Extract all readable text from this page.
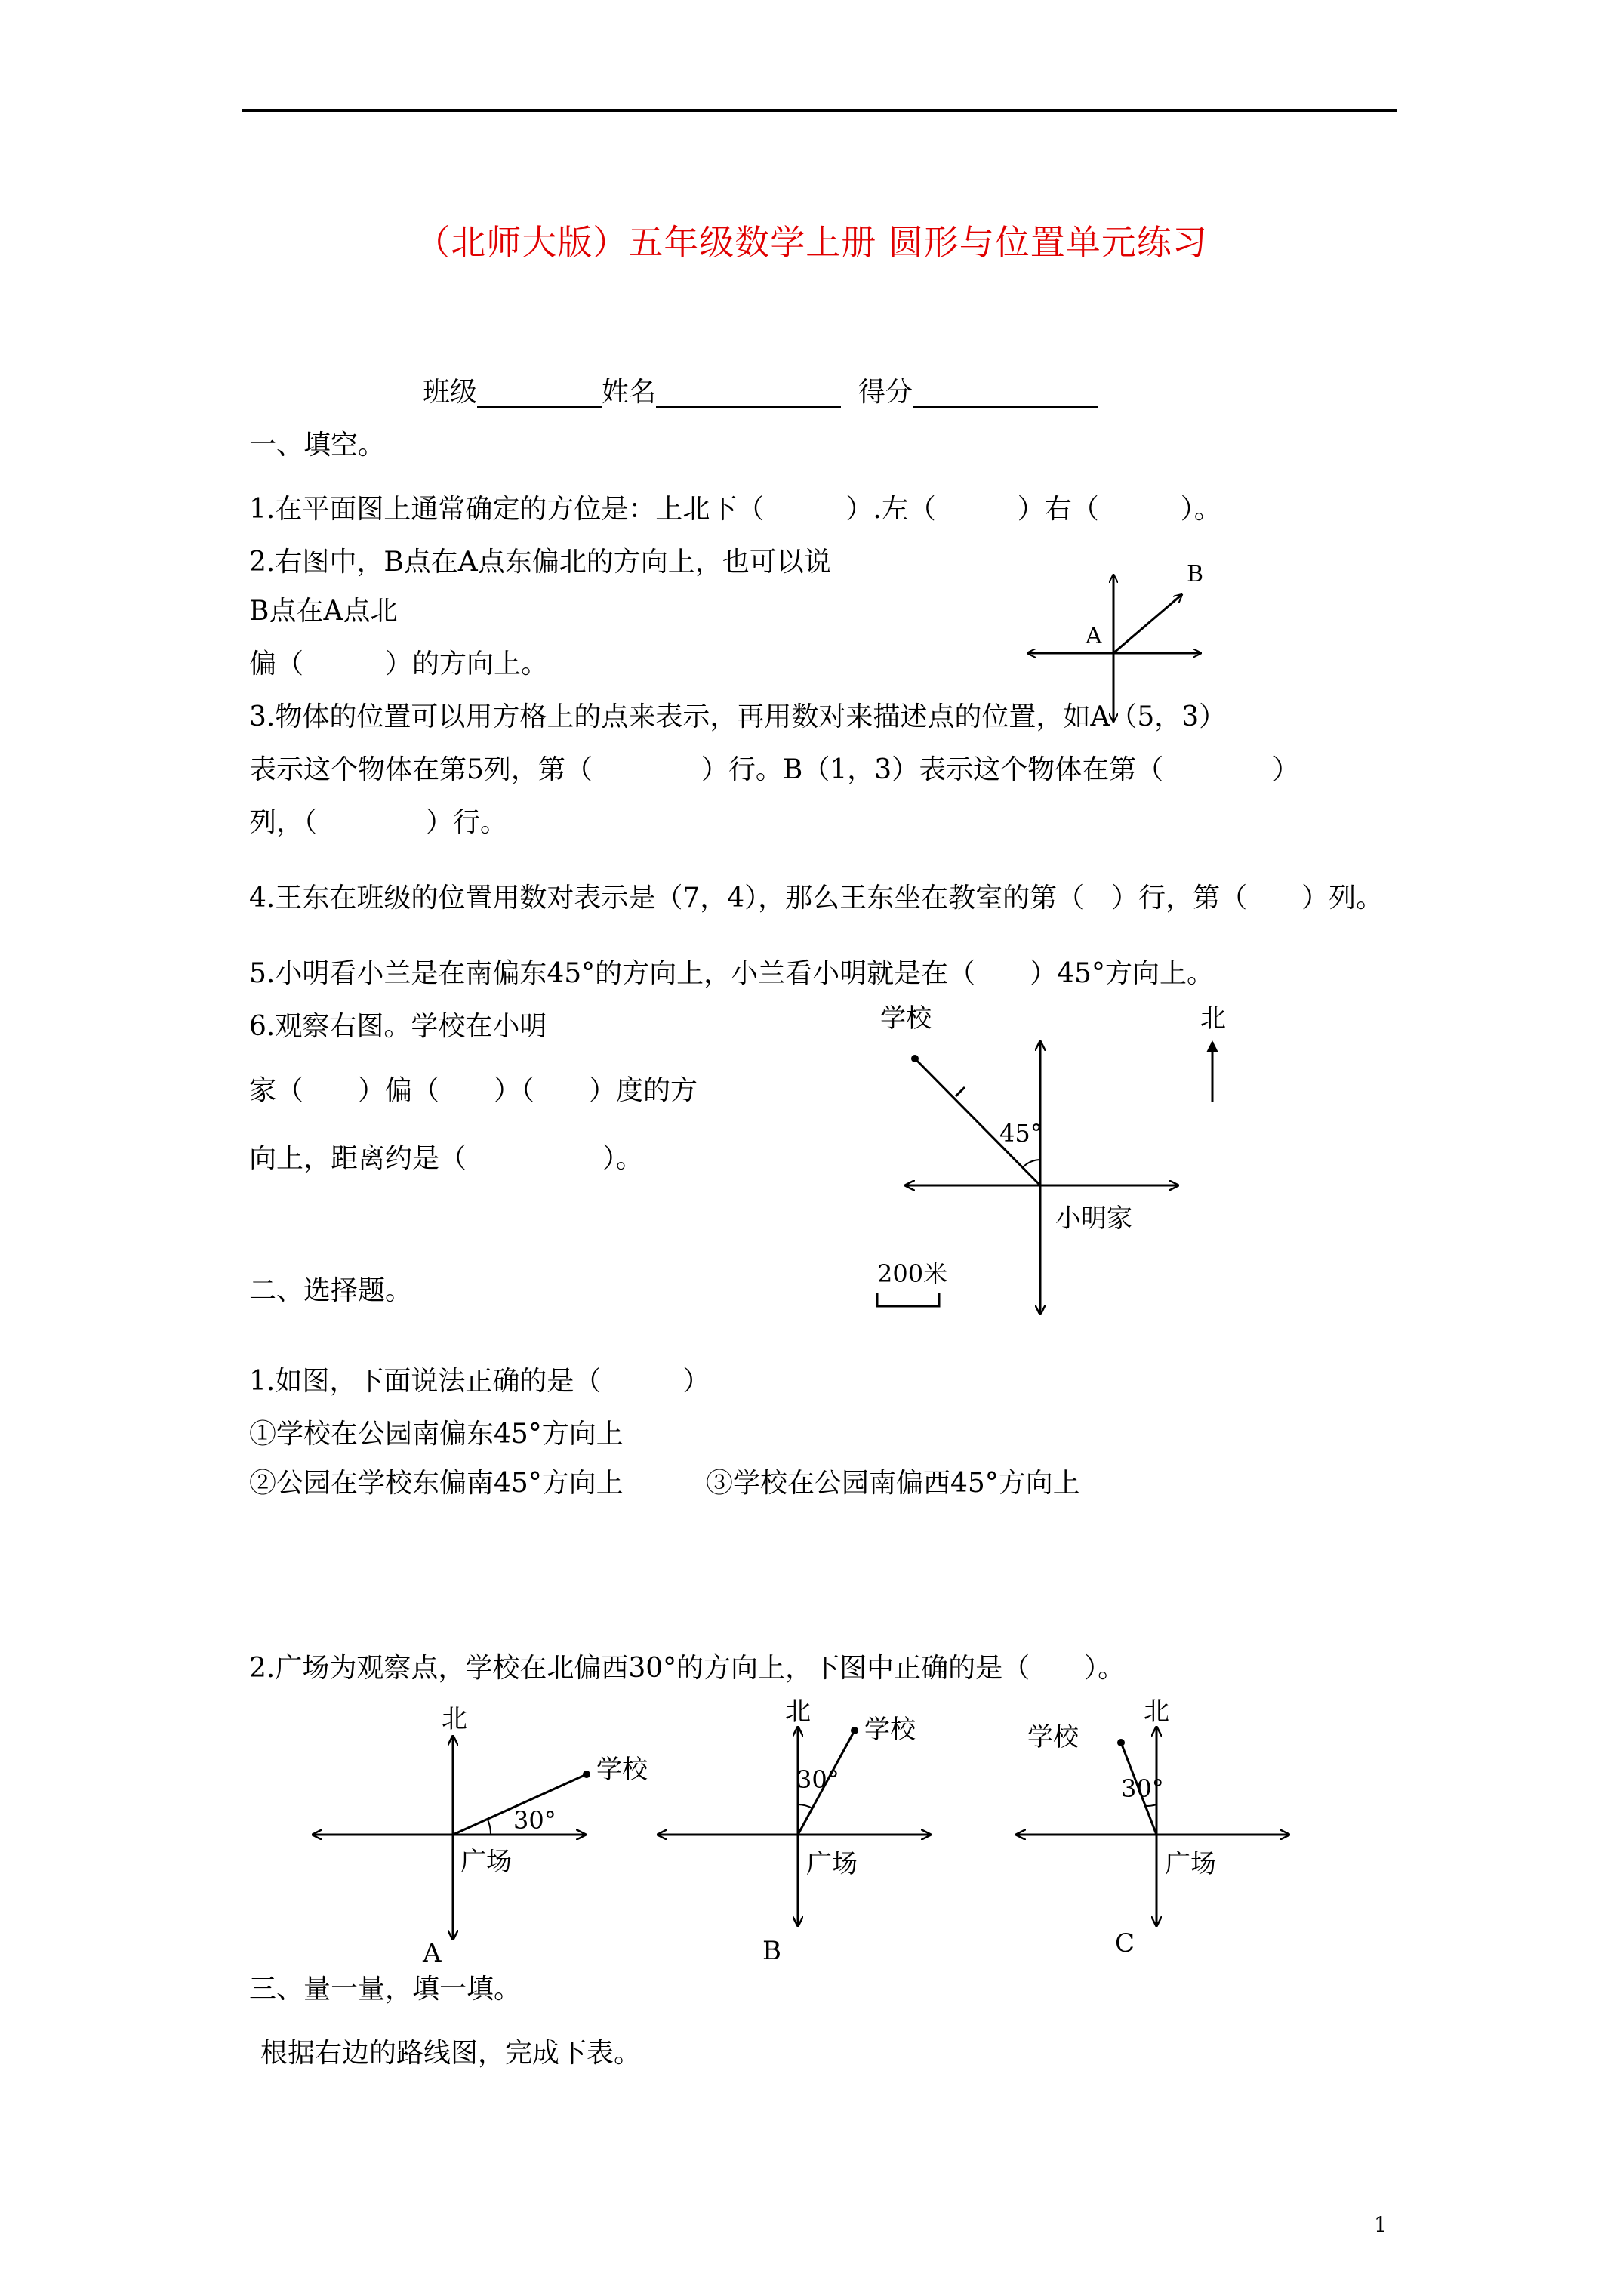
（北师大版）五年级数学上册 圆形与位置单元练习
班级	姓名	得分
一、填空。
1.在平面图上通常确定的方位是：上北下（　　　）.左（　　　）右（　　　）。
2.右图中，B点在A点东偏北的方向上，也可以说
B点在A点北
偏（　　　）的方向上。
A
B
3.物体的位置可以用方格上的点来表示，再用数对来描述点的位置，如A（5，3）
表示这个物体在第5列，第（　　　　）行。B（1，3）表示这个物体在第（　　　　）
列，（　　　　）行。
4.王东在班级的位置用数对表示是（7，4），那么王东坐在教室的第（　）行，第（　　）列。
5.小明看小兰是在南偏东45°的方向上，小兰看小明就是在（　　）45°方向上。
6.观察右图。学校在小明
家（　　）偏（　　）（　　）度的方
向上，距离约是（　　　　　）。
学校	北
45°
小明家
200米
二、选择题。
1.如图，下面说法正确的是（　　　）
①学校在公园南偏东45°方向上
②公园在学校东偏南45°方向上	③学校在公园南偏西45°方向上
2.广场为观察点，学校在北偏西30°的方向上，下图中正确的是（　　）。
北
学校
30°
广场
A
北
学校
30°
广场
B
北
学校
30°
广场
C
三、量一量，填一填。
根据右边的路线图，完成下表。
1
